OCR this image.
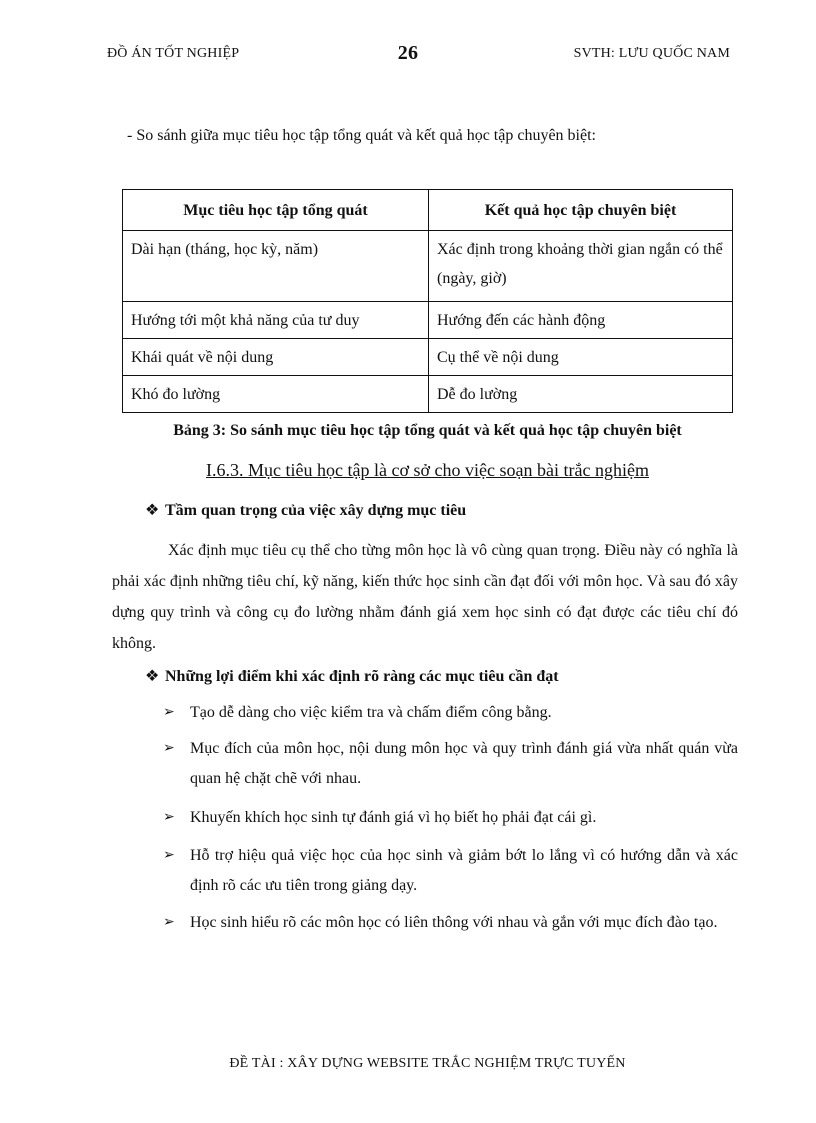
ĐỒ ÁN TỐT NGHIỆP	26	SVTH: LƯU QUỐC NAM
- So sánh giữa mục tiêu học tập tổng quát và kết quả học tập chuyên biệt:
Mục tiêu học tập tổng quát	Kết quả học tập chuyên biệt
Dài hạn (tháng, học kỳ, năm)	Xác định trong khoảng thời gian ngắn có thể (ngày, giờ)
Hướng tới một khả năng của tư duy	Hướng đến các hành động
Khái quát về nội dung	Cụ thể về nội dung
Khó đo lường	Dễ đo lường
Bảng 3: So sánh mục tiêu học tập tổng quát và kết quả học tập chuyên biệt
I.6.3. Mục tiêu học tập là cơ sở cho việc soạn bài trắc nghiệm
❖ Tầm quan trọng của việc xây dựng mục tiêu

Xác định mục tiêu cụ thể cho từng môn học là vô cùng quan trọng. Điều này có nghĩa là phải xác định những tiêu chí, kỹ năng, kiến thức học sinh cần đạt đối với môn học. Và sau đó xây dựng quy trình và công cụ đo lường nhằm đánh giá xem học sinh có đạt được các tiêu chí đó không.

❖ Những lợi điểm khi xác định rõ ràng các mục tiêu cần đạt
➢ Tạo dễ dàng cho việc kiểm tra và chấm điểm công bằng.
➢ Mục đích của môn học, nội dung môn học và quy trình đánh giá vừa nhất quán vừa quan hệ chặt chẽ với nhau.
➢ Khuyến khích học sinh tự đánh giá vì họ biết họ phải đạt cái gì.
➢ Hỗ trợ hiệu quả việc học của học sinh và giảm bớt lo lắng vì có hướng dẫn và xác định rõ các ưu tiên trong giảng dạy.
➢ Học sinh hiểu rõ các môn học có liên thông với nhau và gắn với mục đích đào tạo.
ĐỀ TÀI : XÂY DỰNG WEBSITE TRẮC NGHIỆM TRỰC TUYẾN
